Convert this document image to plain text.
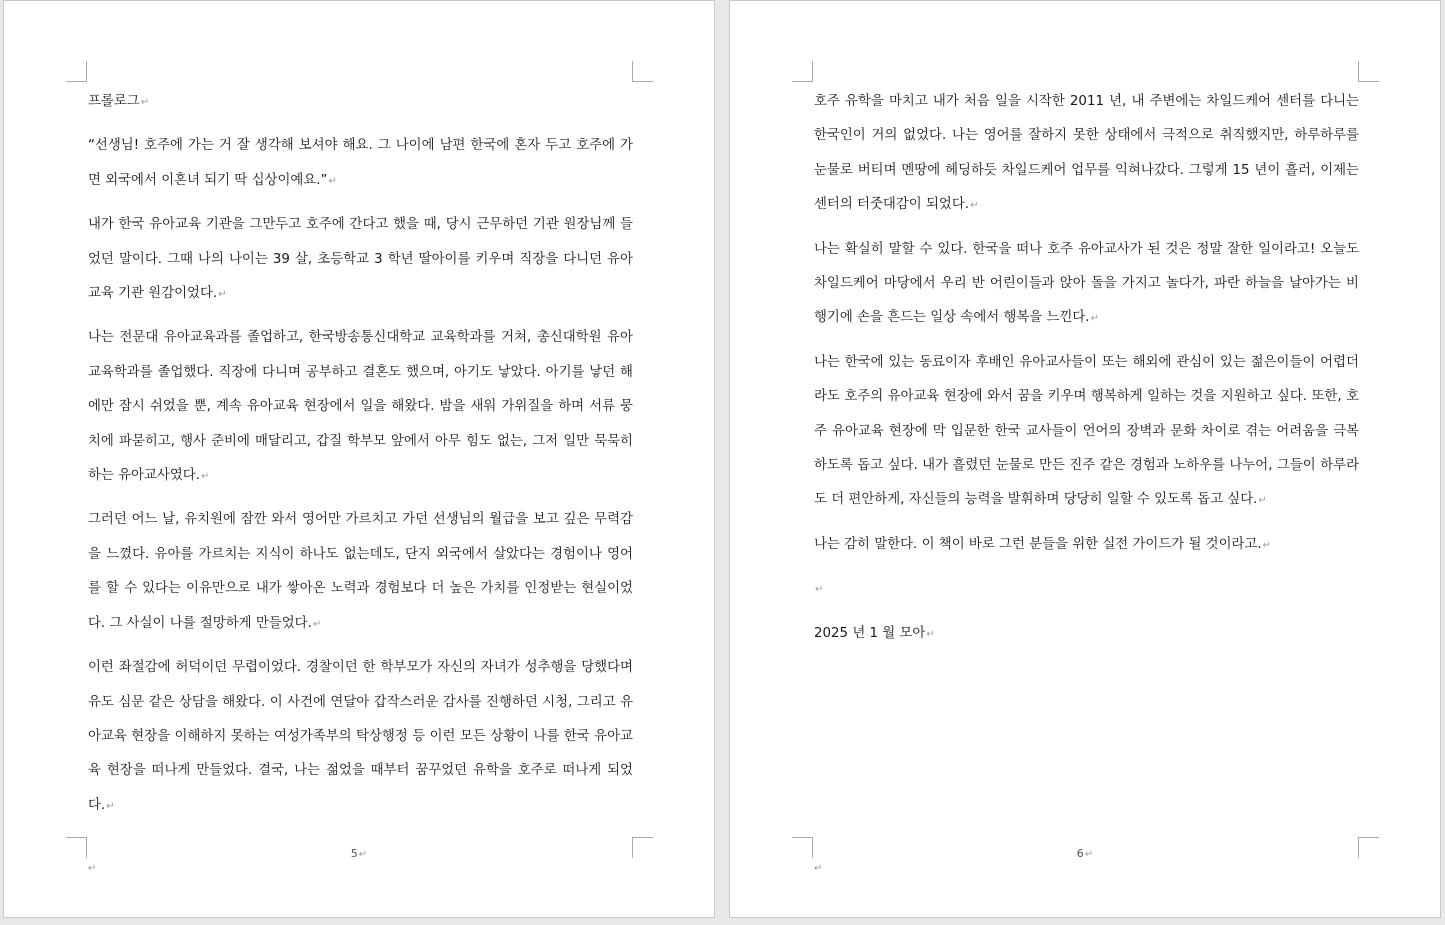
프롤로그↵

“선생님! 호주에 가는 거 잘 생각해 보셔야 해요. 그 나이에 남편 한국에 혼자 두고 호주에 가면 외국에서 이혼녀 되기 딱 십상이예요.”↵

내가 한국 유아교육 기관을 그만두고 호주에 간다고 했을 때, 당시 근무하던 기관 원장님께 들었던 말이다. 그때 나의 나이는 39 살, 초등학교 3 학년 딸아이를 키우며 직장을 다니던 유아교육 기관 원감이었다.↵

나는 전문대 유아교육과를 졸업하고, 한국방송통신대학교 교육학과를 거쳐, 총신대학원 유아교육학과를 졸업했다. 직장에 다니며 공부하고 결혼도 했으며, 아기도 낳았다. 아기를 낳던 해에만 잠시 쉬었을 뿐, 계속 유아교육 현장에서 일을 해왔다. 밤을 새워 가위질을 하며 서류 뭉치에 파묻히고, 행사 준비에 매달리고, 갑질 학부모 앞에서 아무 힘도 없는, 그저 일만 묵묵히 하는 유아교사였다.↵

그러던 어느 날, 유치원에 잠깐 와서 영어만 가르치고 가던 선생님의 월급을 보고 깊은 무력감을 느꼈다. 유아를 가르치는 지식이 하나도 없는데도, 단지 외국에서 살았다는 경험이나 영어를 할 수 있다는 이유만으로 내가 쌓아온 노력과 경험보다 더 높은 가치를 인정받는 현실이었다. 그 사실이 나를 절망하게 만들었다.↵

이런 좌절감에 허덕이던 무렵이었다. 경찰이던 한 학부모가 자신의 자녀가 성추행을 당했다며 유도 심문 같은 상담을 해왔다. 이 사건에 연달아 갑작스러운 감사를 진행하던 시청, 그리고 유아교육 현장을 이해하지 못하는 여성가족부의 탁상행정 등 이런 모든 상황이 나를 한국 유아교육 현장을 떠나게 만들었다. 결국, 나는 젊었을 때부터 꿈꾸었던 유학을 호주로 떠나게 되었다.↵

5↵
↵

호주 유학을 마치고 내가 처음 일을 시작한 2011 년, 내 주변에는 차일드케어 센터를 다니는 한국인이 거의 없었다. 나는 영어를 잘하지 못한 상태에서 극적으로 취직했지만, 하루하루를 눈물로 버티며 멘땅에 헤딩하듯 차일드케어 업무를 익혀나갔다. 그렇게 15 년이 흘러, 이제는 센터의 터줏대감이 되었다.↵

나는 확실히 말할 수 있다. 한국을 떠나 호주 유아교사가 된 것은 정말 잘한 일이라고! 오늘도 차일드케어 마당에서 우리 반 어린이들과 앉아 돌을 가지고 놀다가, 파란 하늘을 날아가는 비행기에 손을 흔드는 일상 속에서 행복을 느낀다.↵

나는 한국에 있는 동료이자 후배인 유아교사들이 또는 해외에 관심이 있는 젊은이들이 어렵더라도 호주의 유아교육 현장에 와서 꿈을 키우며 행복하게 일하는 것을 지원하고 싶다. 또한, 호주 유아교육 현장에 막 입문한 한국 교사들이 언어의 장벽과 문화 차이로 겪는 어려움을 극복하도록 돕고 싶다. 내가 흘렸던 눈물로 만든 진주 같은 경험과 노하우를 나누어, 그들이 하루라도 더 편안하게, 자신들의 능력을 발휘하며 당당히 일할 수 있도록 돕고 싶다.↵

나는 감히 말한다. 이 책이 바로 그런 분들을 위한 실전 가이드가 될 것이라고.↵

↵

2025 년 1 월 모아↵

6↵
↵
